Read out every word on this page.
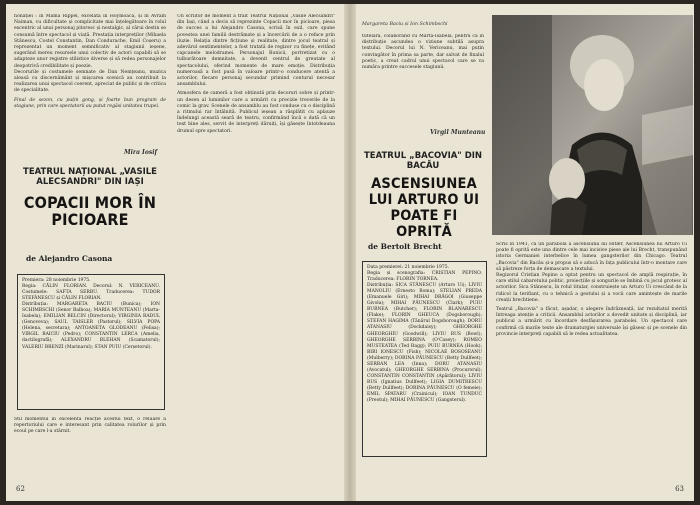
nonației : în Mama Rippel, excelată în Hoymoaca, și în Avram Naiman, cu dificultate și complicitate mai înțelegătoare în rolul excentric al unui personaj pitoresc și nostalgic, al cărui destin se consumă între spectacol și viață. Prestația interpreților (Mihaela Stănescu, Costel Constantin, Dan Condurache, Emil Coșeru) a reprezentat un moment semnificativ al stagiunii ieșene, sugerând mereu resursele unui colectiv de actori capabili să se adapteze unor registre stilistice diverse și să redea personajelor deopotrivă credibilitate și poezie.
Decorurile și costumele semnate de Dan Nemțeanu, muzica aleasă cu discernământ și mișcarea scenică au contribuit la realizarea unui spectacol coerent, apreciat de public și de critica de specialitate.

Final de sezon, cu puțin gong, și foarte bun program de stagiune, prin care spectatorii au putut regăsi unitatea trupei.

Mira Iosif
TEATRUL NAȚIONAL „VASILE ALECSANDRI" DIN IAȘI
COPACII MOR ÎN PICIOARE
de Alejandro Casona

Premiera: 28 noiembrie 1975.
Regia: CĂLIN FLORIAN. Decorul: N. VERICEANU. Costumele: SAFTA SERBU. Traducerea: TUDOR STEFÂNESCU și CĂLIN FLORIAN.
Distribuția: MARGARETA BACIU (Bunica); ION SCHIMBSCHI (Senor Balboa); MARIA MUNTEANU (Marta-Isabela); EMILIAN BELCIN (Directorul); VIRGINIA RADUL (Genoveva); SAUL TAISLER (Pastorul); SILVIA POPA (Helena, secretara); ANTOANETA GLODEANU (Felisa); VIRGIL RAICIU (Pedro); CONSTANTIN LERCA (Amelia, dactilografă); ALEXANDRU BLEHAN (Scamatorul); VALERIU BRENZI (Marinarul); STAN PUIU (Cerșetorul).

Stil momentul în excelentă reacție acestui text, o reluare a repertoriului care e interesant prin calitatea rolurilor și prin ecoul pe care l-a stârnit.

Un scriitor de moment a trăit Teatrul Național „Vasile Alecsandri" din Iași, când a decis să reprezinte Copacii mor în picioare, piesa de succes a lui Alejandro Casona, scrisă în exil, care spune povestea unei familii destrămate și a încercării de a o reface prin iluzie. Relația dintre ficțiune și realitate, dintre jocul teatral și adevărul sentimentelor, a fost tratată de regizor cu finețe, evitând capcanele melodramei. Personajul Bunicii, portretizat cu o tulburătoare demnitate, a devenit centrul de greutate al spectacolului, oferind momente de mare emoție. Distribuția numeroasă a fost pusă în valoare printr-o conducere atentă a actorilor, fiecare personaj secundar primind conturul necesar ansamblului.

Atmosfera de cameră a fost obținută prin decoruri sobre și printr-un desen al luminilor care a urmărit cu precizie trecerile de la comic la grav. Scenele de ansamblu au fost conduse cu o disciplină a ritmului rar întâlnită. Publicul ieșean a răsplătit cu aplauze îndelungi această seară de teatru, confirmând încă o dată că un text bine ales, servit de interpreți dăruiți, își găsește întotdeauna drumul spre spectatori.

62
Margareta Baciu și Ion Schimbschi

tutelară, colaborând cu Marta-Isabela, pentru că în distribuție ascundea o viziune subtilă asupra textului. Decorul lui N. Vericeanu, mai puțin convingător în prima sa parte, dar salvat de finalul poetic, a creat cadrul unui spectacol care se va număra printre succesele stagiunii.

Virgil Munteanu
TEATRUL „BACOVIA" DIN BACĂU
ASCENSIUNEA LUI ARTURO UI POATE FI OPRITĂ
de Bertolt Brecht

Data premierei: 21 noiembrie 1975.
Regia și scenografia: CRISTIAN PEPINO. Traducerea: FLORIN TORNEA.
Distribuția: SICA STĂNESCU (Arturo Ui); LIVIU MANOLIU (Ernesto Roma); STELIAN PREDA (Emanuele Giri); MIHAI DRĂGOI (Giuseppe Givola); MIHAI PĂUNESCU (Clark); PUIU BURNEA (Butcher); FLORIN BLANARESCU (Flake); FLORIN GHEUCA (Dogsborough); STEFAN HAGIMA (Tânărul Dogsborough); DORU ATANASIU (Dockdaisy); GHEORGHE GHEORGHIU (Goodwill); LIVIU RUS (Bowl); GHEORGHE SERBINA (O'Casey); ROMEO MUSTEATEA (Ted Ragg); PUIU BURNEA (Hook); BIBI IONESCU (Fish); NICOLAE BOSOSEANU (Mulberry); DORINA PĂUNESCU (Betty Dullfeet); SERBAN LEA (Inna); DORU ATANASIU (Avocatul); GHEORGHE SERBINA (Procurorul); CONSTANTIN CONSTANTIN (Apărătorul); LIVIU RUS (Ignatius Dullfeet); LIGIA DUMITRESCU (Betty Dullfeet); DORINA PĂUNESCU (O femeie); EMIL SPATARU (Crainicul); IOAN TUNDUC (Preotul); MIHAI PĂUNESCU (Gangsterul).

Scris în 1941, ca un parabolă a ascensiunii lui Hitler, Ascensiunea lui Arturo Ui poate fi oprită este una dintre cele mai incisive piese ale lui Brecht, transpunând istoria Germaniei interbelice în lumea gangsterilor din Chicago. Teatrul „Bacovia" din Bacău și-a propus să o aducă în fața publicului într-o montare care să păstreze forța de demascare a textului.
Regizorul Cristian Pepino a optat pentru un spectacol de amplă respirație, în care stilul cabaretului politic, proiecțiile și songurile se îmbină cu jocul grotesc al actorilor. Sica Stănescu, în rolul titular, construiește un Arturo Ui crescând de la ridicol la terifiant, cu o tehnică a gestului și a vocii care amintește de marile creații brechtiene.

Teatrul „Bacovia" a făcut, așadar, o alegere îndrăzneață, iar rezultatul merită întreaga atenție a criticii. Ansamblul actorilor a dovedit unitate și disciplină, iar publicul a urmărit cu încordare desfășurarea parabolei. Un spectacol care confirmă că marile texte ale dramaturgiei universale își găsesc și pe scenele din provincie interpreți capabili să le redea actualitatea.

63
